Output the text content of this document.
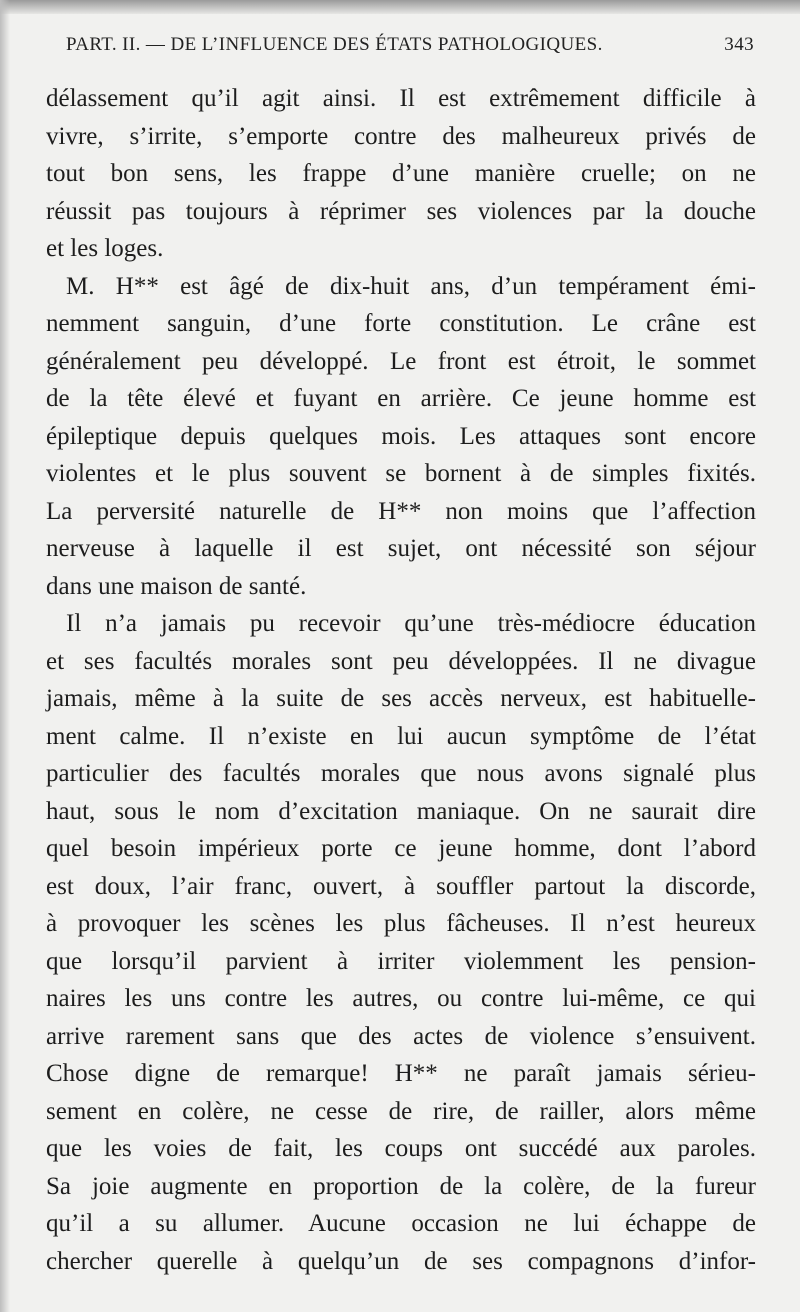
PART. II. — DE L’INFLUENCE DES ÉTATS PATHOLOGIQUES.	343
délassement qu’il agit ainsi. Il est extrêmement difficile à
vivre, s’irrite, s’emporte contre des malheureux privés de
tout bon sens, les frappe d’une manière cruelle; on ne
réussit pas toujours à réprimer ses violences par la douche
et les loges.
M. H** est âgé de dix-huit ans, d’un tempérament émi-
nemment sanguin, d’une forte constitution. Le crâne est
généralement peu développé. Le front est étroit, le sommet
de la tête élevé et fuyant en arrière. Ce jeune homme est
épileptique depuis quelques mois. Les attaques sont encore
violentes et le plus souvent se bornent à de simples fixités.
La perversité naturelle de H** non moins que l’affection
nerveuse à laquelle il est sujet, ont nécessité son séjour
dans une maison de santé.
Il n’a jamais pu recevoir qu’une très-médiocre éducation
et ses facultés morales sont peu développées. Il ne divague
jamais, même à la suite de ses accès nerveux, est habituelle-
ment calme. Il n’existe en lui aucun symptôme de l’état
particulier des facultés morales que nous avons signalé plus
haut, sous le nom d’excitation maniaque. On ne saurait dire
quel besoin impérieux porte ce jeune homme, dont l’abord
est doux, l’air franc, ouvert, à souffler partout la discorde,
à provoquer les scènes les plus fâcheuses. Il n’est heureux
que lorsqu’il parvient à irriter violemment les pension-
naires les uns contre les autres, ou contre lui-même, ce qui
arrive rarement sans que des actes de violence s’ensuivent.
Chose digne de remarque! H** ne paraît jamais sérieu-
sement en colère, ne cesse de rire, de railler, alors même
que les voies de fait, les coups ont succédé aux paroles.
Sa joie augmente en proportion de la colère, de la fureur
qu’il a su allumer. Aucune occasion ne lui échappe de
chercher querelle à quelqu’un de ses compagnons d’infor-
